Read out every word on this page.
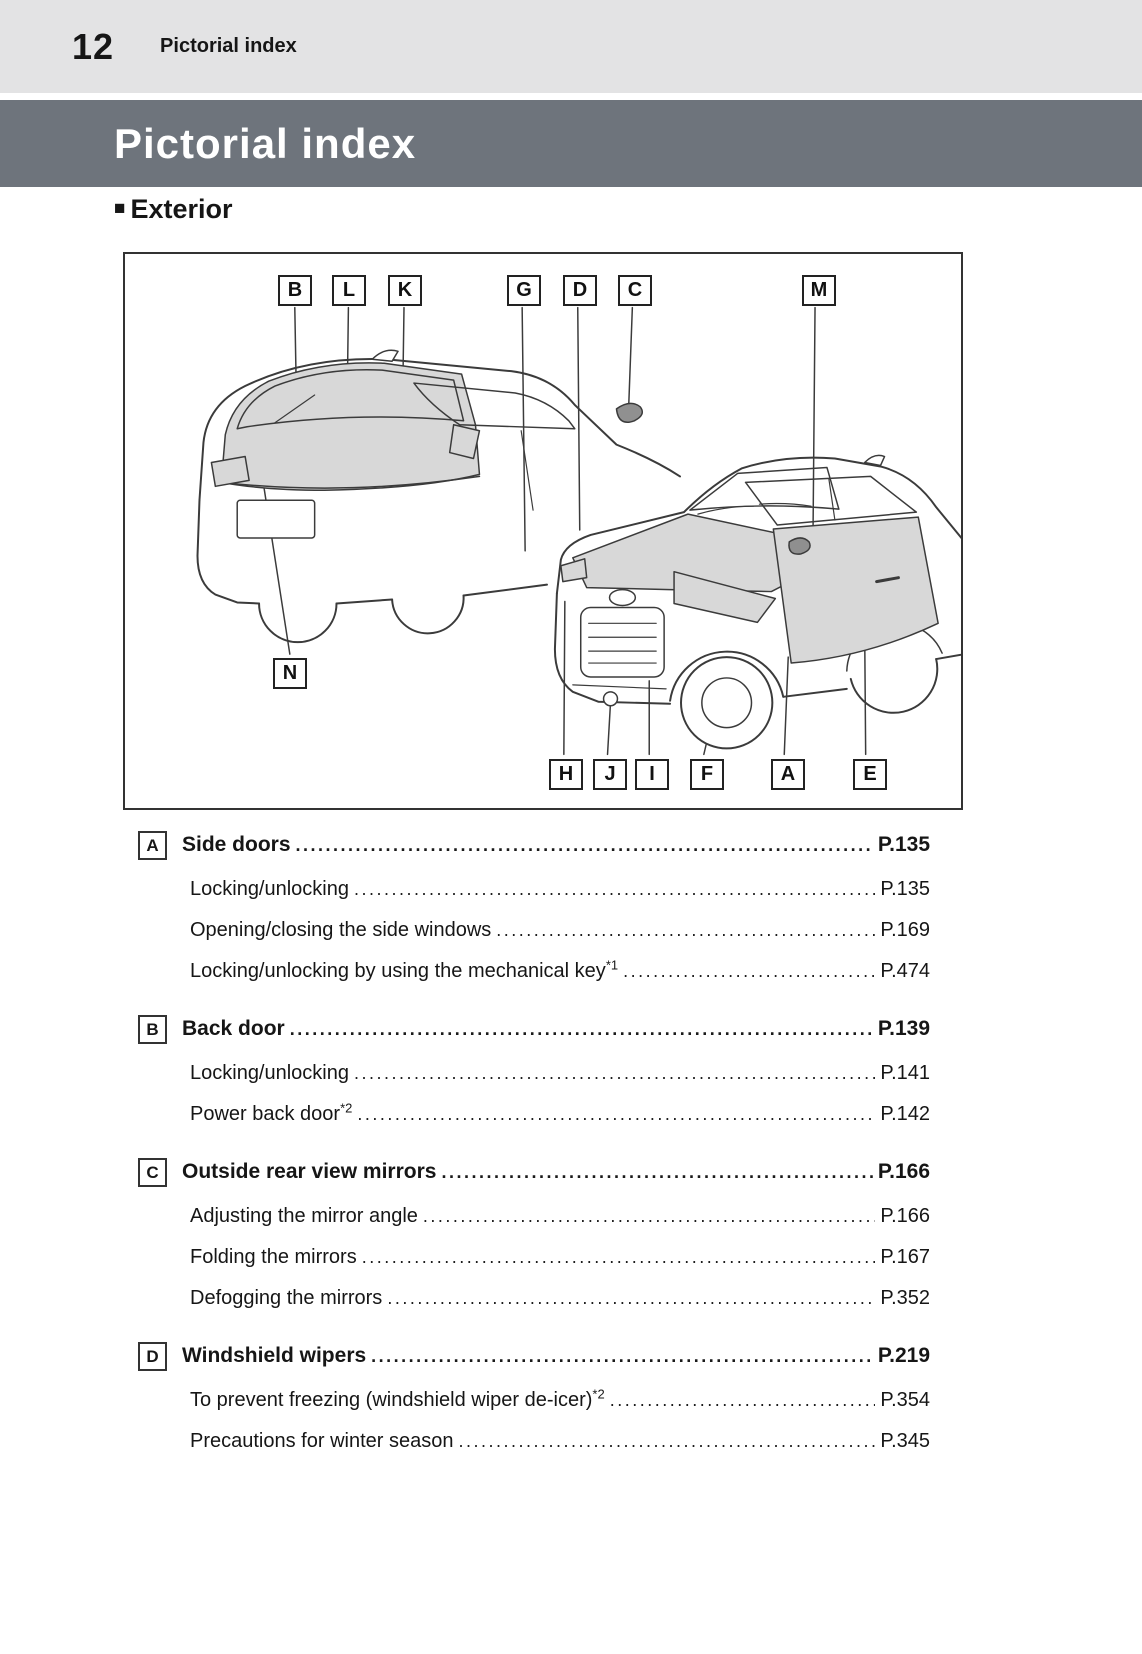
12 Pictorial index
Pictorial index
■ Exterior
B	L	K	G	D	C	M
N
H	J	I	F	A	E
A	Side doors .....	P.135
Locking/unlocking .....	P.135
Opening/closing the side windows .....	P.169
Locking/unlocking by using the mechanical key$^{*1}$ .....	P.474
B	Back door .....	P.139
Locking/unlocking .....	P.141
Power back door$^{*2}$ .....	P.142
C	Outside rear view mirrors .....	P.166
Adjusting the mirror angle .....	P.166
Folding the mirrors .....	P.167
Defogging the mirrors .....	P.352
D	Windshield wipers .....	P.219
To prevent freezing (windshield wiper de-icer)$^{*2}$ .....	P.354
Precautions for winter season .....	P.345
